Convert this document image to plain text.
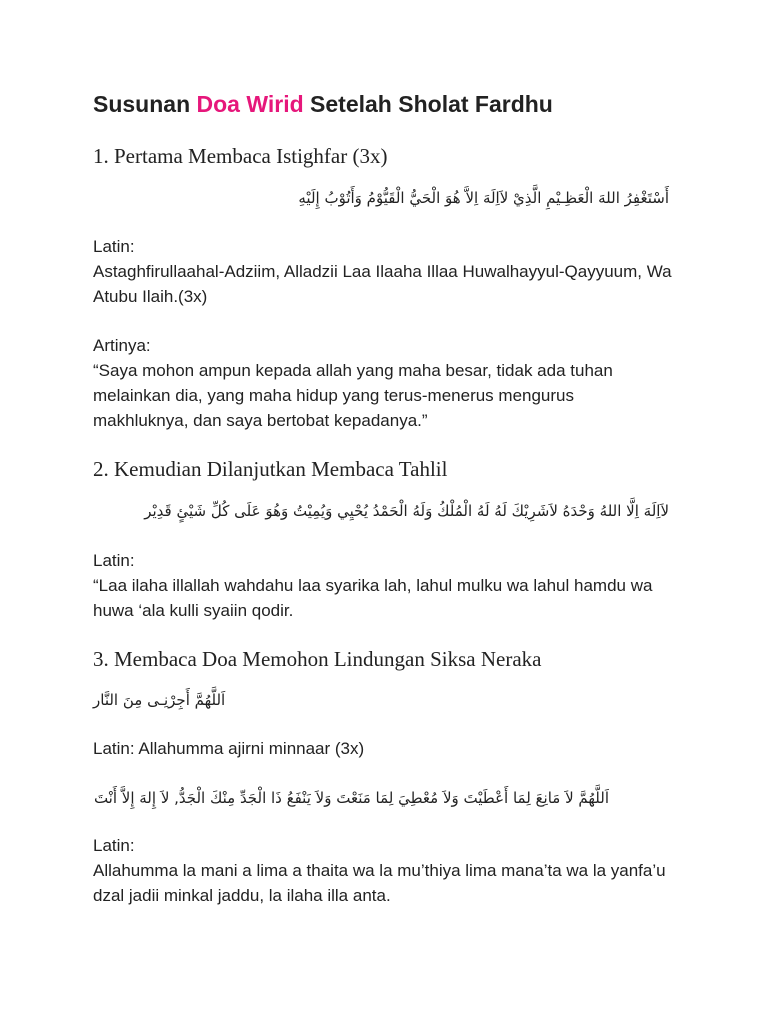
Susunan Doa Wirid Setelah Sholat Fardhu
1. Pertama Membaca Istighfar (3x)
أَسْتَغْفِرُ اللهَ الْعَظِـيْمِ الَّذِيْ لاَاِلَهَ اِلاَّ هُوَ الْحَيُّ الْقَيُّوْمُ وَأَتُوْبُ إِلَيْهِ
Latin:
Astaghfirullaahal-Adziim, Alladzii Laa Ilaaha Illaa Huwalhayyul-Qayyuum, Wa Atubu Ilaih.(3x)
Artinya:
“Saya mohon ampun kepada allah yang maha besar, tidak ada tuhan melainkan dia, yang maha hidup yang terus-menerus mengurus makhluknya, dan saya bertobat kepadanya.”
2. Kemudian Dilanjutkan Membaca Tahlil
لاَاِلَهَ اِلَّا اللهُ وَحْدَهُ لاَشَرِيْكَ لَهُ لَهُ الْمُلْكُ وَلَهُ الْحَمْدُ يُحْيِي وَيُمِيْتُ وَهُوَ عَلَى كُلِّ شَيْئٍ قَدِيْر
Latin:
“Laa ilaha illallah wahdahu laa syarika lah, lahul mulku wa lahul hamdu wa huwa ‘ala kulli syaiin qodir.
3. Membaca Doa Memohon Lindungan Siksa Neraka
اَللَّهُمَّ أَجِرْنِـى مِنَ النَّار
Latin: Allahumma ajirni minnaar (3x)
اَللَّهُمَّ لاَ مَانِعَ لِمَا أَعْطَيْتَ وَلاَ مُعْطِيَ لِمَا مَنَعْتَ وَلاَ يَنْفَعُ ذَا الْجَدِّ مِنْكَ الْجَدُّ, لاَ إِلهَ إِلاَّ أَنْتَ
Latin:
Allahumma la mani a lima a thaita wa la mu’thiya lima mana’ta wa la yanfa’u dzal jadii minkal jaddu, la ilaha illa anta.
